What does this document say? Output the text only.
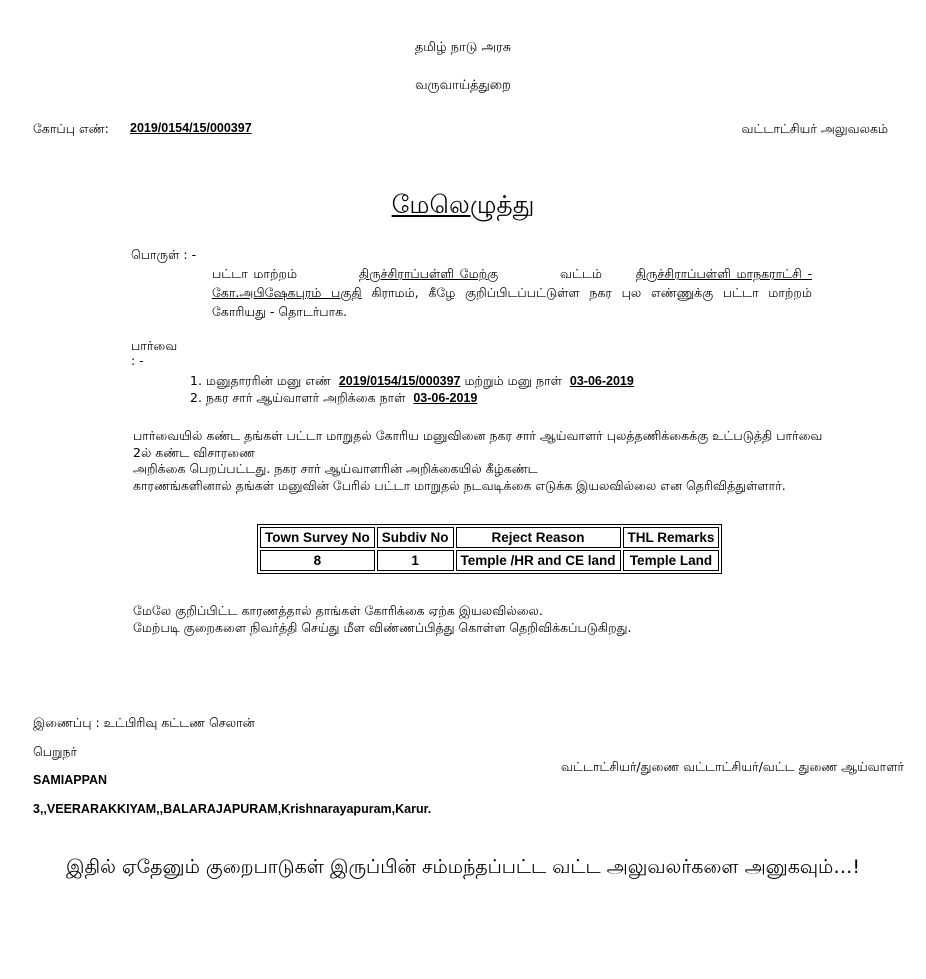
தமிழ் நாடு அரசு
வருவாய்த்துறை
கோப்பு எண்: 2019/0154/15/000397	வட்டாட்சியர் அலுவலகம்
மேலெழுத்து
பொருள் : -
பட்டா மாற்றம்	திருச்சிராப்பள்ளி மேற்கு	வட்டம்	திருச்சிராப்பள்ளி மாநகராட்சி - கோ.அபிஷேகபுரம் பகுதி கிராமம், கீழே குறிப்பிடப்பட்டுள்ள நகர புல எண்ணுக்கு பட்டா மாற்றம் கோரியது - தொடர்பாக.
பார்வை
: -
1. மனுதாரரின் மனு எண் 2019/0154/15/000397 மற்றும் மனு நாள் 03-06-2019
2. நகர சார் ஆய்வாளர் அறிக்கை நாள் 03-06-2019
பார்வையில் கண்ட தங்கள் பட்டா மாறுதல் கோரிய மனுவினை நகர சார் ஆய்வாளர் புலத்தணிக்கைக்கு உட்படுத்தி பார்வை 2ல் கண்ட விசாரணை
அறிக்கை பெறப்பட்டது. நகர சார் ஆய்வாளரின் அறிக்கையில் கீழ்கண்ட
காரணங்களினால் தங்கள் மனுவின் பேரில் பட்டா மாறுதல் நடவடிக்கை எடுக்க இயலவில்லை என தெரிவித்துள்ளார்.
Town Survey No	Subdiv No	Reject Reason	THL Remarks
8	1	Temple /HR and CE land	Temple Land
மேலே குறிப்பிட்ட காரணத்தால் தாங்கள் கோரிக்கை ஏற்க இயலவில்லை.
மேற்படி குறைகளை நிவர்த்தி செய்து மீள விண்ணப்பித்து கொள்ள தெறிவிக்கப்படுகிறது.
இணைப்பு : உட்பிரிவு கட்டண செலான்
பெறுநர்
வட்டாட்சியர்/துணை வட்டாட்சியர்/வட்ட துணை ஆய்வாளர்
SAMIAPPAN
3,,VEERARAKKIYAM,,BALARAJAPURAM,Krishnarayapuram,Karur.
இதில் ஏதேனும் குறைபாடுகள் இருப்பின் சம்மந்தப்பட்ட வட்ட அலுவலர்களை அனுகவும்…!
